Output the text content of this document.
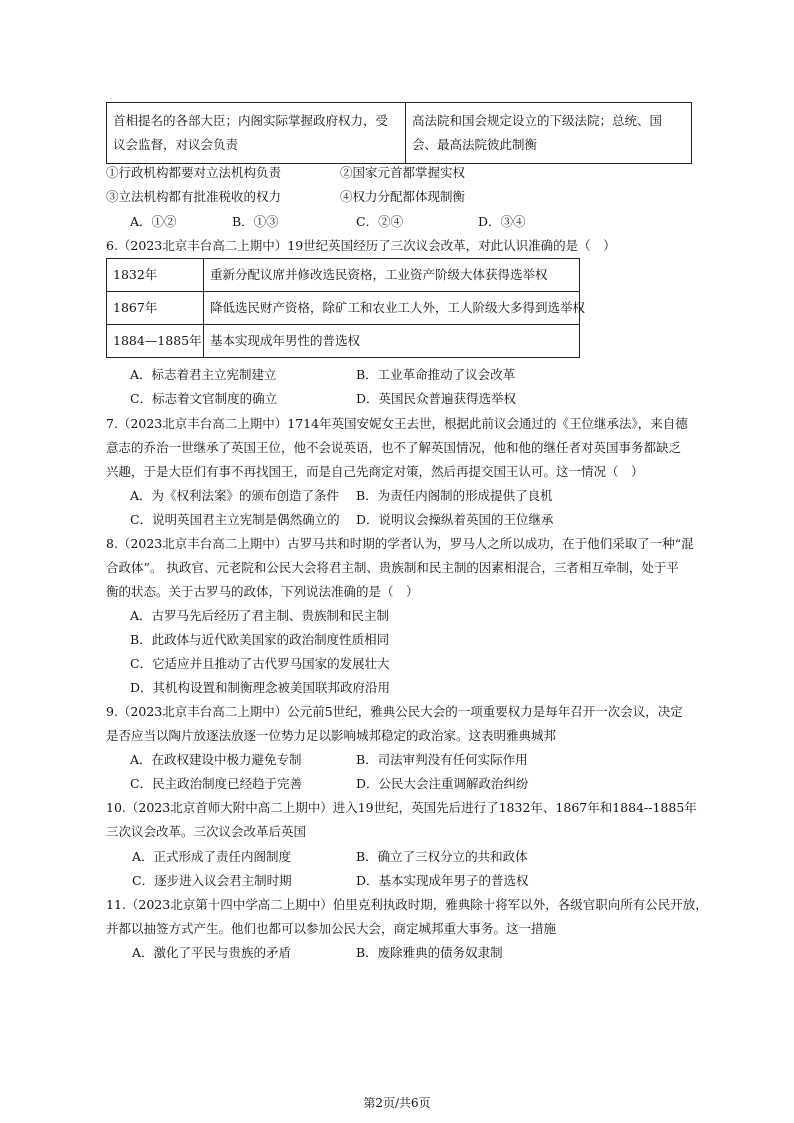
首相提名的各部大臣；内阁实际掌握政府权力，受议会监督，对议会负责	高法院和国会规定设立的下级法院；总统、国会、最高法院彼此制衡
①行政机构都要对立法机构负责	②国家元首都掌握实权
③立法机构都有批准税收的权力	④权力分配都体现制衡
A．①②	B．①③	C．②④	D．③④
6.（2023北京丰台高二上期中）19世纪英国经历了三次议会改革，对此认识准确的是（　）
1832年	重新分配议席并修改选民资格，工业资产阶级大体获得选举权
1867年	降低选民财产资格，除矿工和农业工人外，工人阶级大多得到选举权
1884—1885年	基本实现成年男性的普选权
A．标志着君主立宪制建立	B．工业革命推动了议会改革
C．标志着文官制度的确立	D．英国民众普遍获得选举权
7.（2023北京丰台高二上期中）1714年英国安妮女王去世，根据此前议会通过的《王位继承法》，来自德
意志的乔治一世继承了英国王位，他不会说英语，也不了解英国情况，他和他的继任者对英国事务都缺乏
兴趣，于是大臣们有事不再找国王，而是自己先商定对策，然后再提交国王认可。这一情况（　）
A．为《权利法案》的颁布创造了条件 B．为责任内阁制的形成提供了良机
C．说明英国君主立宪制是偶然确立的 D．说明议会操纵着英国的王位继承
8.（2023北京丰台高二上期中）古罗马共和时期的学者认为，罗马人之所以成功，在于他们采取了一种“混
合政体”。 执政官、元老院和公民大会将君主制、贵族制和民主制的因素相混合，三者相互牵制，处于平
衡的状态。关于古罗马的政体，下列说法准确的是（　）
A．古罗马先后经历了君主制、贵族制和民主制
B．此政体与近代欧美国家的政治制度性质相同
C．它适应并且推动了古代罗马国家的发展壮大
D．其机构设置和制衡理念被美国联邦政府沿用
9.（2023北京丰台高二上期中）公元前5世纪，雅典公民大会的一项重要权力是每年召开一次会议，决定
是否应当以陶片放逐法放逐一位势力足以影响城邦稳定的政治家。这表明雅典城邦
A．在政权建设中极力避免专制	B．司法审判没有任何实际作用
C．民主政治制度已经趋于完善	D．公民大会注重调解政治纠纷
10.（2023北京首师大附中高二上期中）进入19世纪，英国先后进行了1832年、1867年和1884--1885年
三次议会改革。三次议会改革后英国
A．正式形成了责任内阁制度	B．确立了三权分立的共和政体
C．逐步进入议会君主制时期	D．基本实现成年男子的普选权
11.（2023北京第十四中学高二上期中）伯里克利执政时期，雅典除十将军以外，各级官职向所有公民开放，
并都以抽签方式产生。他们也都可以参加公民大会，商定城邦重大事务。这一措施
A．激化了平民与贵族的矛盾	B．废除雅典的债务奴隶制
第2页/共6页
